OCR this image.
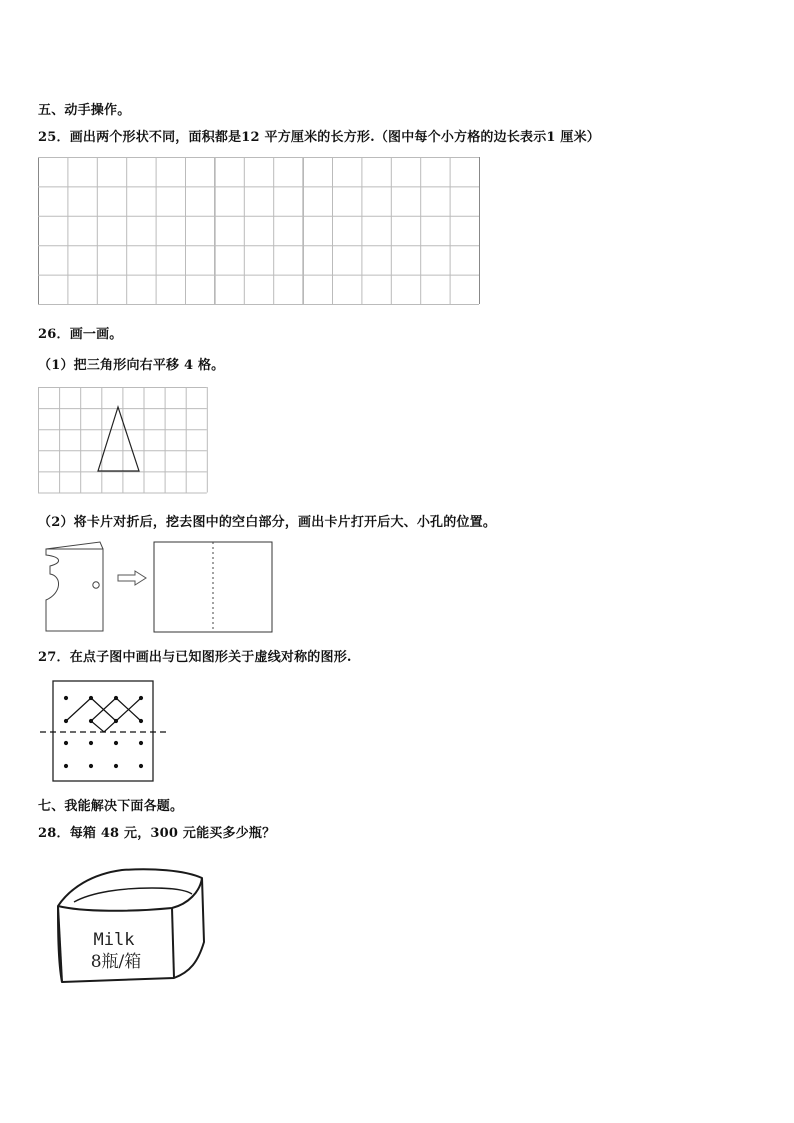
五、动手操作。
25．画出两个形状不同，面积都是12 平方厘米的长方形.（图中每个小方格的边长表示1 厘米）
26．画一画。
（1）把三角形向右平移 4 格。
（2）将卡片对折后，挖去图中的空白部分，画出卡片打开后大、小孔的位置。
27．在点子图中画出与已知图形关于虚线对称的图形.
七、我能解决下面各题。
28．每箱 48 元，300 元能买多少瓶？
Milk
8瓶/箱
